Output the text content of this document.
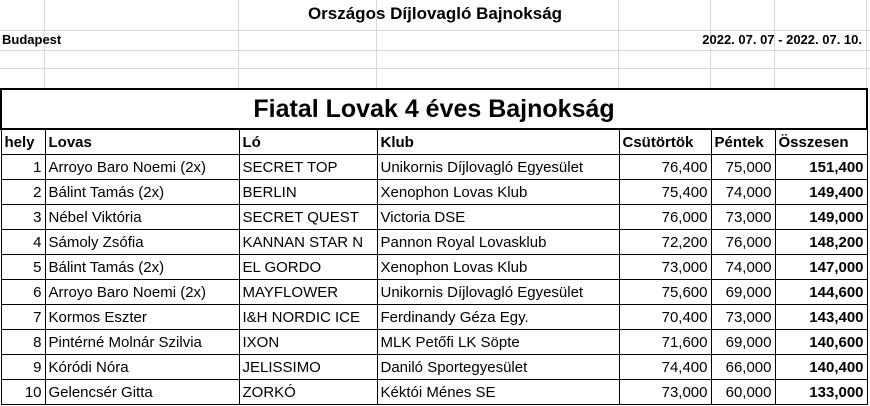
Országos Díjlovagló Bajnokság
Budapest	2022. 07. 07 - 2022. 07. 10.
Fiatal Lovak 4 éves Bajnokság						
hely	Lovas	Ló	Klub	Csütörtök	Péntek	Összesen
1	Arroyo Baro Noemi (2x)	SECRET TOP	Unikornis Díjlovagló Egyesület	76,400	75,000	151,400
2	Bálint Tamás (2x)	BERLIN	Xenophon Lovas Klub	75,400	74,000	149,400
3	Nébel Viktória	SECRET QUEST	Victoria DSE	76,000	73,000	149,000
4	Sámoly Zsófia	KANNAN STAR N	Pannon Royal Lovasklub	72,200	76,000	148,200
5	Bálint Tamás (2x)	EL GORDO	Xenophon Lovas Klub	73,000	74,000	147,000
6	Arroyo Baro Noemi (2x)	MAYFLOWER	Unikornis Díjlovagló Egyesület	75,600	69,000	144,600
7	Kormos Eszter	I&H NORDIC ICE	Ferdinandy Géza Egy.	70,400	73,000	143,400
8	Pintérné Molnár Szilvia	IXON	MLK Petőfi LK Söpte	71,600	69,000	140,600
9	Kóródi Nóra	JELISSIMO	Daniló Sportegyesület	74,400	66,000	140,400
10	Gelencsér Gitta	ZORKÓ	Kéktói Ménes SE	73,000	60,000	133,000
